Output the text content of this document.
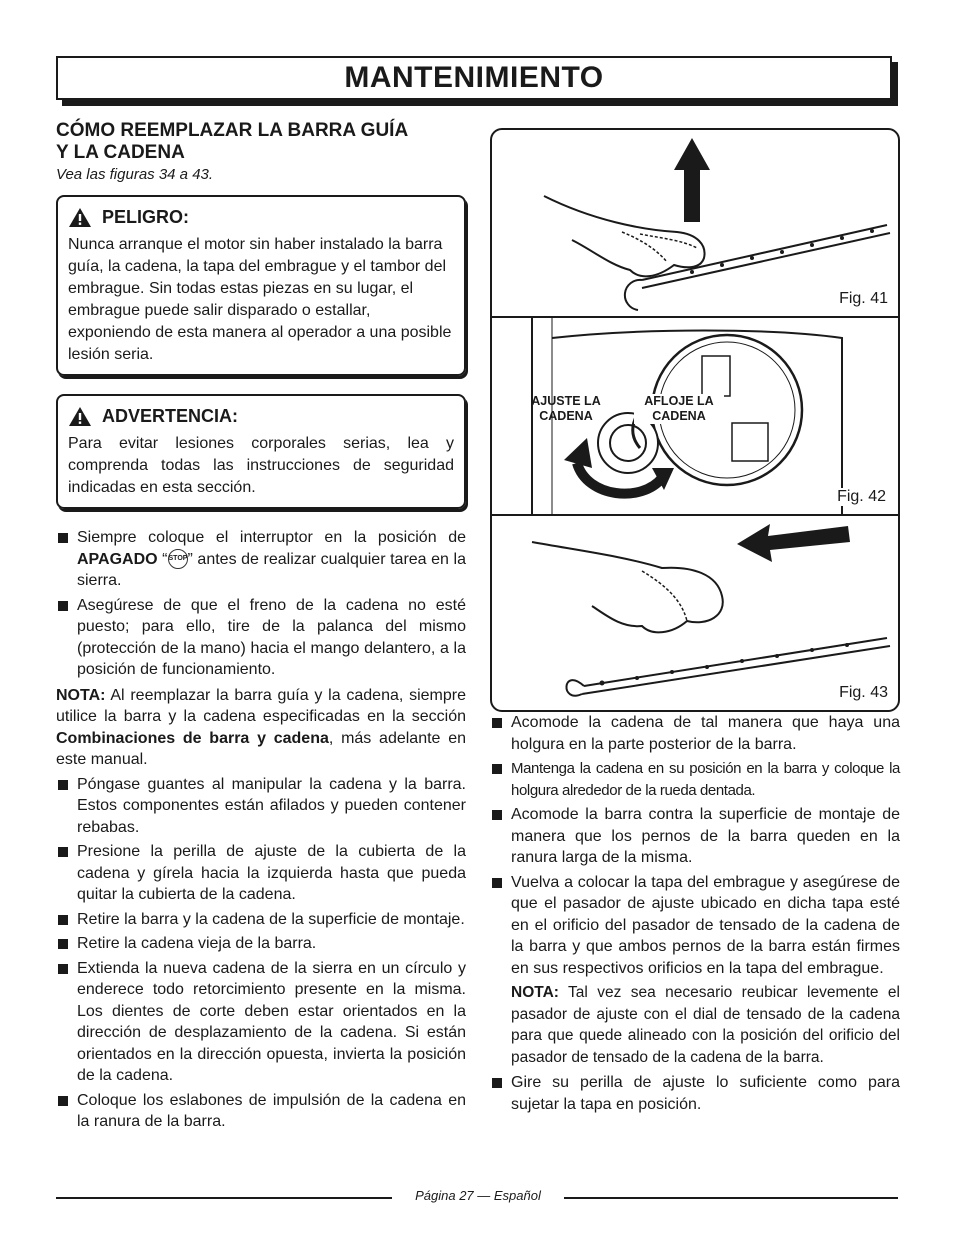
MANTENIMIENTO

CÓMO REEMPLAZAR LA BARRA GUÍA
Y LA CADENA

Vea las figuras 34 a 43.

PELIGRO:

Nunca arranque el motor sin haber instalado la barra guía, la cadena, la tapa del embrague y el tambor del embrague. Sin todas estas piezas en su lugar, el embrague puede salir disparado o estallar, exponiendo de esta manera al operador a una posible lesión seria.

ADVERTENCIA:

Para evitar lesiones corporales serias, lea y comprenda todas las instrucciones de seguridad indicadas en esta sección.

Siempre coloque el interruptor en la posición de APAGADO “STOP” antes de realizar cualquier tarea en la sierra.
Asegúrese de que el freno de la cadena no esté puesto; para ello, tire de la palanca del mismo (protección de la mano) hacia el mango delantero, a la posición de funcionamiento.

NOTA: Al reemplazar la barra guía y la cadena, siempre utilice la barra y la cadena especificadas en la sección Combinaciones de barra y cadena, más adelante en este manual.

Póngase guantes al manipular la cadena y la barra. Estos componentes están afilados y pueden contener rebabas.
Presione la perilla de ajuste de la cubierta de la cadena y gírela hacia la izquierda hasta que pueda quitar la cubierta de la cadena.
Retire la barra y la cadena de la superficie de montaje.
Retire la cadena vieja de la barra.
Extienda la nueva cadena de la sierra en un círculo y enderece todo retorcimiento presente en la misma. Los dientes de corte deben estar orientados en la dirección de desplazamiento de la cadena. Si están orientados en la dirección opuesta, invierta la posición de la cadena.
Coloque los eslabones de impulsión de la cadena en la ranura de la barra.
Fig. 41
AJUSTE LA
CADENA
AFLOJE LA
CADENA
Fig. 42
Fig. 43
Acomode la cadena de tal manera que haya una holgura en la parte posterior de la barra.
Mantenga la cadena en su posición en la barra y coloque la holgura alrededor de la rueda dentada.
Acomode la barra contra la superficie de montaje de manera que los pernos de la barra queden en la ranura larga de la misma.
Vuelva a colocar la tapa del embrague y asegúrese de que el pasador de ajuste ubicado en dicha tapa esté en el orificio del pasador de tensado de la cadena de la barra y que ambos pernos de la barra están firmes en sus respectivos orificios en la tapa del embrague.

NOTA: Tal vez sea necesario reubicar levemente el pasador de ajuste con el dial de tensado de la cadena para que quede alineado con la posición del orificio del pasador de tensado de la cadena de la barra.

Gire su perilla de ajuste lo suficiente como para sujetar la tapa en posición.
Página 27 — Español
